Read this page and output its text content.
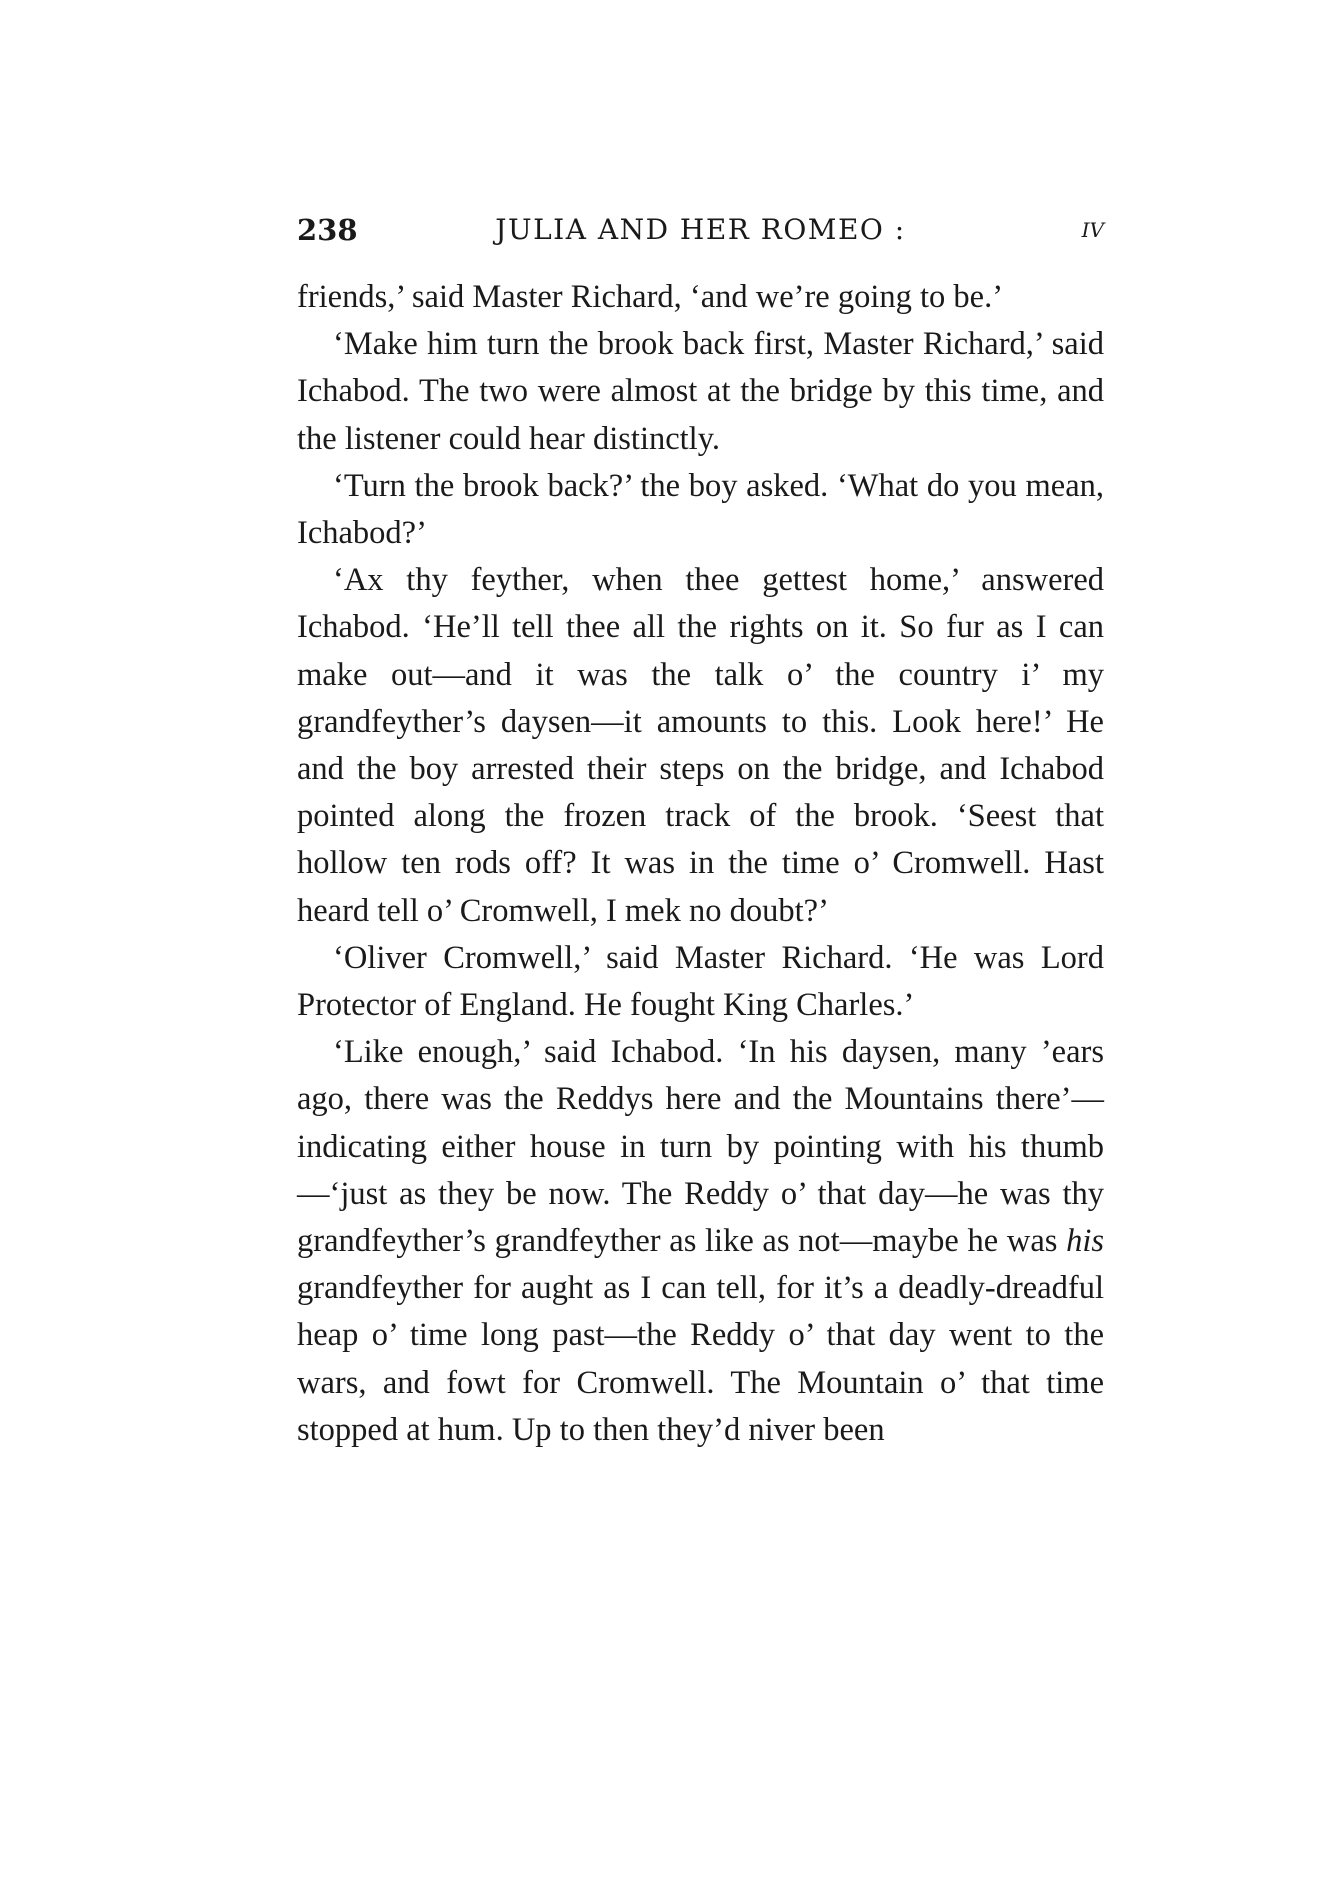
238	JULIA AND HER ROMEO :	IV

friends,’ said Master Richard, ‘and we’re going to be.’

‘Make him turn the brook back first, Master Richard,’ said Ichabod. The two were almost at the bridge by this time, and the listener could hear distinctly.

‘Turn the brook back?’ the boy asked. ‘What do you mean, Ichabod?’

‘Ax thy feyther, when thee gettest home,’ answered Ichabod. ‘He’ll tell thee all the rights on it. So fur as I can make out—and it was the talk o’ the country i’ my grandfeyther’s daysen—it amounts to this. Look here!’ He and the boy arrested their steps on the bridge, and Ichabod pointed along the frozen track of the brook. ‘Seest that hollow ten rods off? It was in the time o’ Cromwell. Hast heard tell o’ Cromwell, I mek no doubt?’

‘Oliver Cromwell,’ said Master Richard. ‘He was Lord Protector of England. He fought King Charles.’

‘Like enough,’ said Ichabod. ‘In his daysen, many ’ears ago, there was the Reddys here and the Mountains there’—indicating either house in turn by pointing with his thumb—‘just as they be now. The Reddy o’ that day—he was thy grandfeyther’s grandfeyther as like as not—maybe he was his grandfeyther for aught as I can tell, for it’s a deadly-dreadful heap o’ time long past—the Reddy o’ that day went to the wars, and fowt for Cromwell. The Mountain o’ that time stopped at hum. Up to then they’d niver been
